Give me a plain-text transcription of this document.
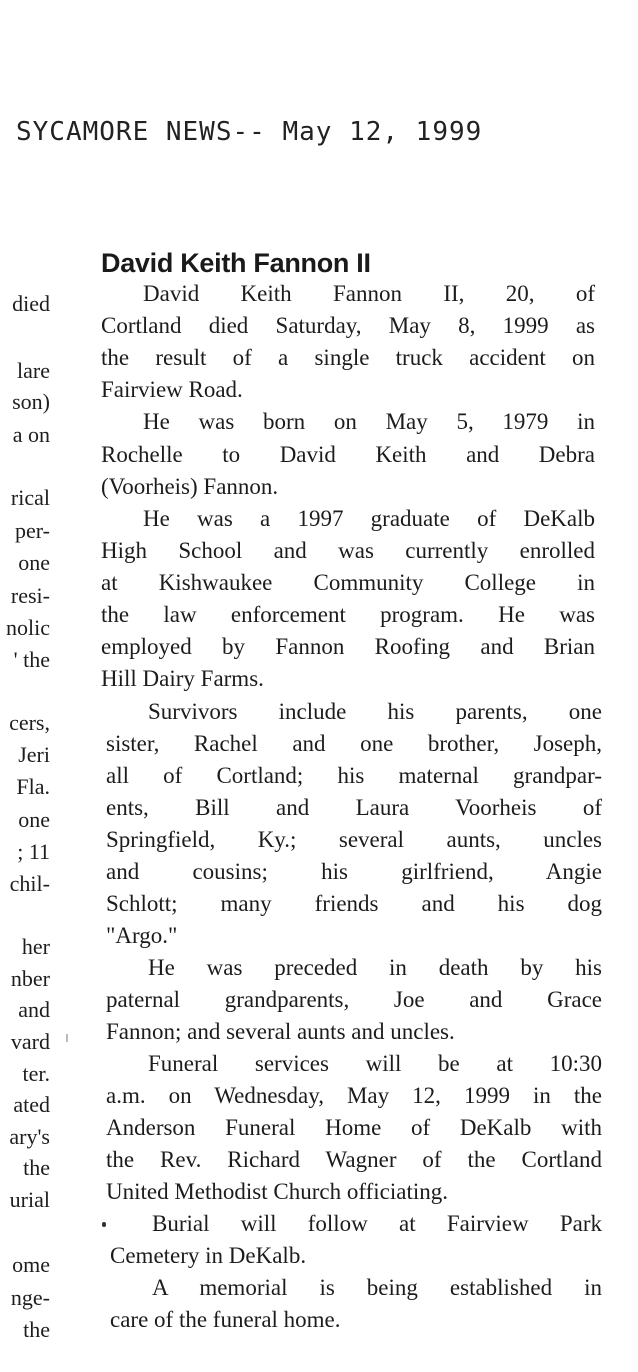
SYCAMORE NEWS-- May 12, 1999
died
lare
son)
a on
rical
per-
one
resi-
nolic
' the
cers,
Jeri
Fla.
one
; 11
chil-
her
nber
and
vard
ter.
ated
ary's
the
urial
ome
nge-
the
David Keith Fannon II
David Keith Fannon II, 20, of
Cortland died Saturday, May 8, 1999 as
the result of a single truck accident on
Fairview Road.
He was born on May 5, 1979 in
Rochelle to David Keith and Debra
(Voorheis) Fannon.
He was a 1997 graduate of DeKalb
High School and was currently enrolled
at Kishwaukee Community College in
the law enforcement program. He was
employed by Fannon Roofing and Brian
Hill Dairy Farms.
Survivors include his parents, one
sister, Rachel and one brother, Joseph,
all of Cortland; his maternal grandpar-
ents, Bill and Laura Voorheis of
Springfield, Ky.; several aunts, uncles
and cousins; his girlfriend, Angie
Schlott; many friends and his dog
"Argo."
He was preceded in death by his
paternal grandparents, Joe and Grace
Fannon; and several aunts and uncles.
Funeral services will be at 10:30
a.m. on Wednesday, May 12, 1999 in the
Anderson Funeral Home of DeKalb with
the Rev. Richard Wagner of the Cortland
United Methodist Church officiating.
Burial will follow at Fairview Park
Cemetery in DeKalb.
A memorial is being established in
care of the funeral home.
